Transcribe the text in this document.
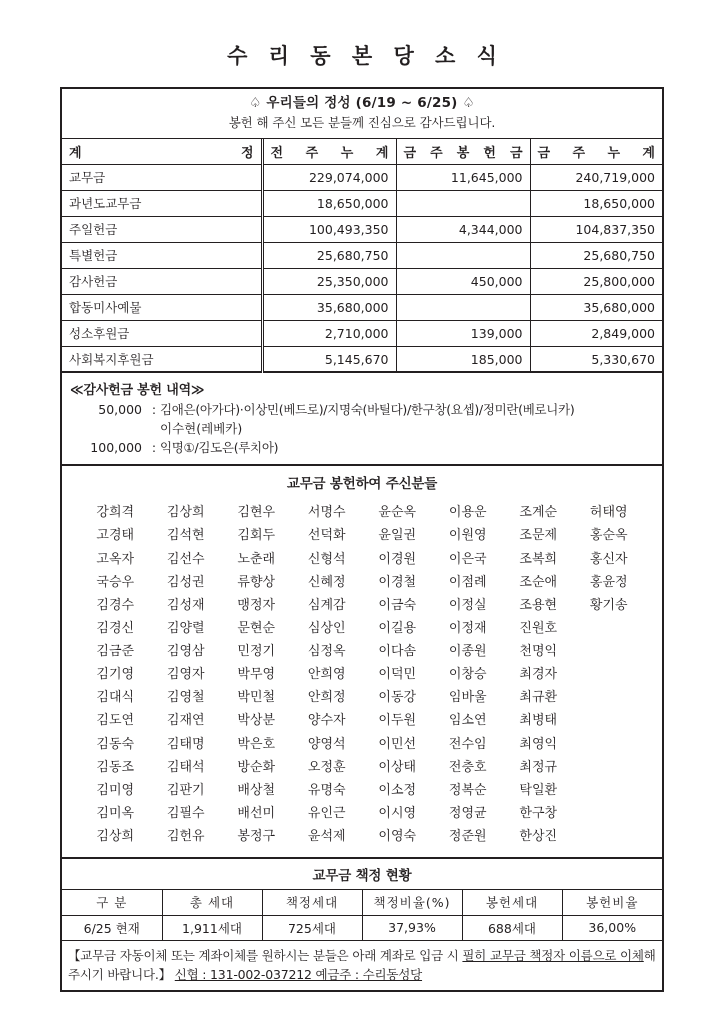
수 리 동 본 당 소 식
♤ 우리들의 정성 (6/19 ~ 6/25) ♤
봉헌 해 주신 모든 분들께 진심으로 감사드립니다.
계 정	전 주 누 계	금 주 봉 헌 금	금 주 누 계

교무금	229,074,000	11,645,000	240,719,000
과년도교무금	18,650,000		18,650,000
주일헌금	100,493,350	4,344,000	104,837,350
특별헌금	25,680,750		25,680,750
감사헌금	25,350,000	450,000	25,800,000
합동미사예물	35,680,000		35,680,000
성소후원금	2,710,000	139,000	2,849,000
사회복지후원금	5,145,670	185,000	5,330,670
≪감사헌금 봉헌 내역≫
50,000 : 김애은(아가다)·이상민(베드로)/지명숙(바틸다)/한구창(요셉)/정미란(베로니카)
이수현(레베카)
100,000 : 익명①/김도은(루치아)
교무금 봉헌하여 주신분들
강희격	김상희	김현우	서명수	윤순옥	이용운	조계순	허태영
고경태	김석현	김회두	선덕화	윤일권	이원영	조문제	홍순옥
고옥자	김선수	노춘래	신형석	이경원	이은국	조복희	홍신자
국승우	김성권	류향상	신혜정	이경철	이점례	조순애	홍윤정
김경수	김성재	맹정자	심계감	이금숙	이정실	조용현	황기송
김경신	김양렬	문현순	심상인	이길용	이정재	진원호
김금준	김영삼	민정기	심정옥	이다솜	이종원	천명익
김기영	김영자	박무영	안희영	이덕민	이창승	최경자
김대식	김영철	박민철	안희정	이동강	임바울	최규환
김도연	김재연	박상분	양수자	이두원	임소연	최병태
김동숙	김태명	박은호	양영석	이민선	전수임	최영익
김동조	김태석	방순화	오정훈	이상태	전충호	최정규
김미영	김판기	배상철	유명숙	이소정	정복순	탁일환
김미옥	김필수	배선미	유인근	이시영	정영균	한구창
김상희	김헌유	봉정구	윤석제	이영숙	정준원	한상진
교무금 책정 현황
구 분	총 세대	책정세대	책정비율(%)	봉헌세대	봉헌비율
6/25 현재	1,911세대	725세대	37,93%	688세대	36,00%
【교무금 자동이체 또는 계좌이체를 원하시는 분들은 아래 계좌로 입금 시 필히 교무금 책정자 이름으로 이체해 주시기 바랍니다.】 신협 : 131-002-037212 예금주 : 수리동성당
